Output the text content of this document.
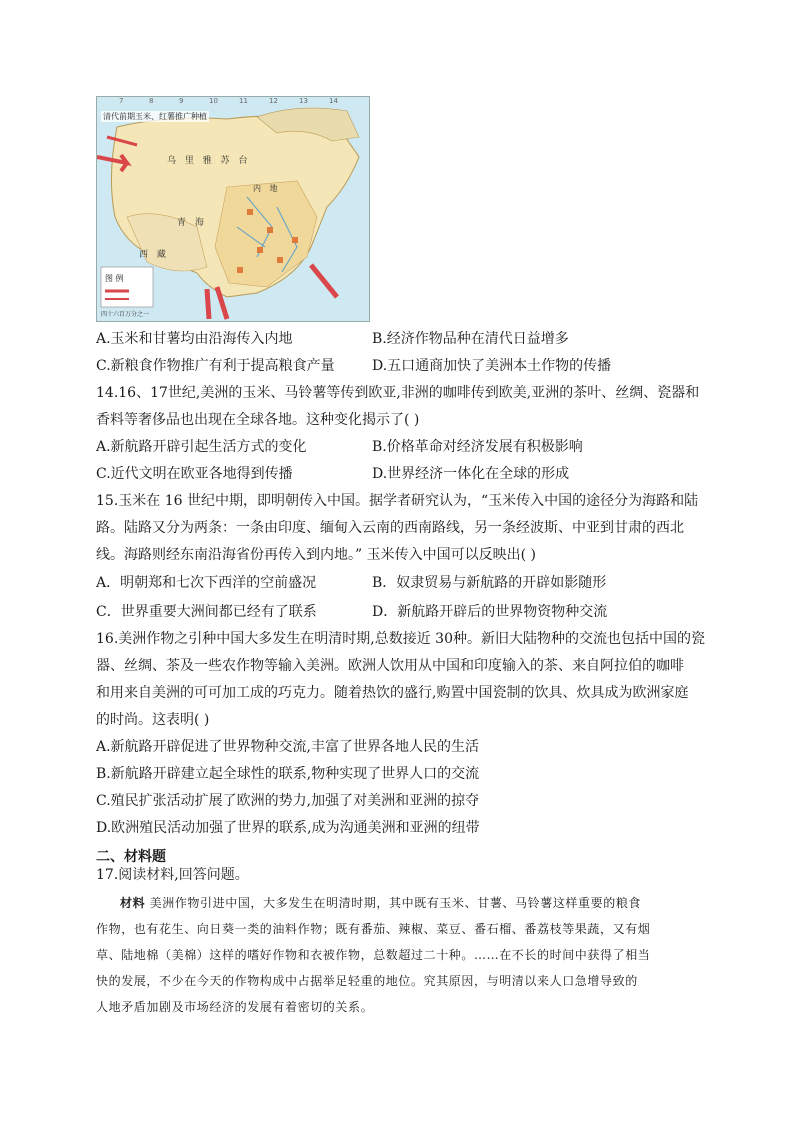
7	8	9	10	11	12	13	14
清代前期玉米、红薯推广种植
乌 里 雅 苏 台
西 藏
青 海
内 地
图 例
四十六百万分之一
A.玉米和甘薯均由沿海传入内地	B.经济作物品种在清代日益增多
C.新粮食作物推广有利于提高粮食产量	D.五口通商加快了美洲本土作物的传播
14.16、17世纪,美洲的玉米、马铃薯等传到欧亚,非洲的咖啡传到欧美,亚洲的茶叶、丝绸、瓷器和
香料等奢侈品也出现在全球各地。这种变化揭示了( )
A.新航路开辟引起生活方式的变化	B.价格革命对经济发展有积极影响
C.近代文明在欧亚各地得到传播	D.世界经济一体化在全球的形成
15.玉米在 16 世纪中期，即明朝传入中国。据学者研究认为，“玉米传入中国的途径分为海路和陆
路。陆路又分为两条：一条由印度、缅甸入云南的西南路线，另一条经波斯、中亚到甘肃的西北
线。海路则经东南沿海省份再传入到内地。” 玉米传入中国可以反映出( )
A．明朝郑和七次下西洋的空前盛况	B．奴隶贸易与新航路的开辟如影随形
C．世界重要大洲间都已经有了联系	D．新航路开辟后的世界物资物种交流
16.美洲作物之引种中国大多发生在明清时期,总数接近 30种。新旧大陆物种的交流也包括中国的瓷
器、丝绸、茶及一些农作物等输入美洲。欧洲人饮用从中国和印度输入的茶、来自阿拉伯的咖啡
和用来自美洲的可可加工成的巧克力。随着热饮的盛行,购置中国瓷制的饮具、炊具成为欧洲家庭
的时尚。这表明( )
A.新航路开辟促进了世界物种交流,丰富了世界各地人民的生活
B.新航路开辟建立起全球性的联系,物种实现了世界人口的交流
C.殖民扩张活动扩展了欧洲的势力,加强了对美洲和亚洲的掠夺
D.欧洲殖民活动加强了世界的联系,成为沟通美洲和亚洲的纽带
二、材料题
17.阅读材料,回答问题。
材料 美洲作物引进中国，大多发生在明清时期，其中既有玉米、甘薯、马铃薯这样重要的粮食
作物，也有花生、向日葵一类的油料作物；既有番茄、辣椒、菜豆、番石榴、番荔枝等果蔬，又有烟
草、陆地棉（美棉）这样的嗜好作物和衣被作物，总数超过二十种。……在不长的时间中获得了相当
快的发展，不少在今天的作物构成中占据举足轻重的地位。究其原因，与明清以来人口急增导致的
人地矛盾加剧及市场经济的发展有着密切的关系。
